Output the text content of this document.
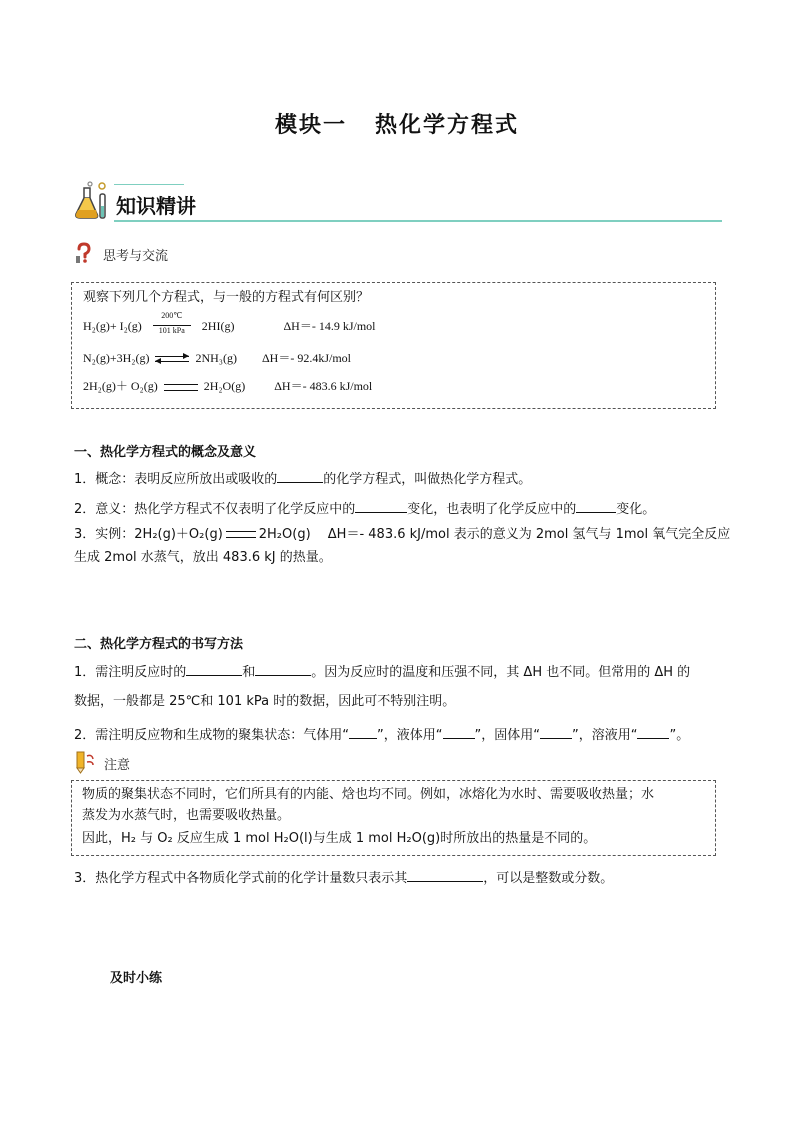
模块一 热化学方程式
知识精讲
思考与交流
观察下列几个方程式，与一般的方程式有何区别？
H₂(g)+ I₂(g)
200℃
101 kPa	2HI(g)	ΔH＝- 14.9 kJ/mol
N₂(g)+3H₂(g)	2NH₃(g) ΔH＝- 92.4kJ/mol
2H₂(g)＋ O₂(g)	2H₂O(g) ΔH＝- 483.6 kJ/mol
一、热化学方程式的概念及意义
1．概念：表明反应所放出或吸收的	的化学方程式，叫做热化学方程式。
2．意义：热化学方程式不仅表明了化学反应中的	变化，也表明了化学反应中的	变化。
3．实例：2H₂(g)＋O₂(g)	2H₂O(g)　 ΔH＝- 483.6 kJ/mol 表示的意义为 2mol 氢气与 1mol 氧气完全反应
生成 2mol 水蒸气，放出 483.6 kJ 的热量。
二、热化学方程式的书写方法
1．需注明反应时的	和	。因为反应时的温度和压强不同，其 ΔH 也不同。但常用的 ΔH 的
数据，一般都是 25℃和 101 kPa 时的数据，因此可不特别注明。
2．需注明反应物和生成物的聚集状态：气体用“ ”，液体用“ ”，固体用“ ”，溶液用“ ”。
注意
物质的聚集状态不同时，它们所具有的内能、焓也均不同。例如，冰熔化为水时、需要吸收热量；水
蒸发为水蒸气时，也需要吸收热量。
因此，H₂ 与 O₂ 反应生成 1 mol H₂O(l)与生成 1 mol H₂O(g)时所放出的热量是不同的。
3．热化学方程式中各物质化学式前的化学计量数只表示其	，可以是整数或分数。
及时小练
